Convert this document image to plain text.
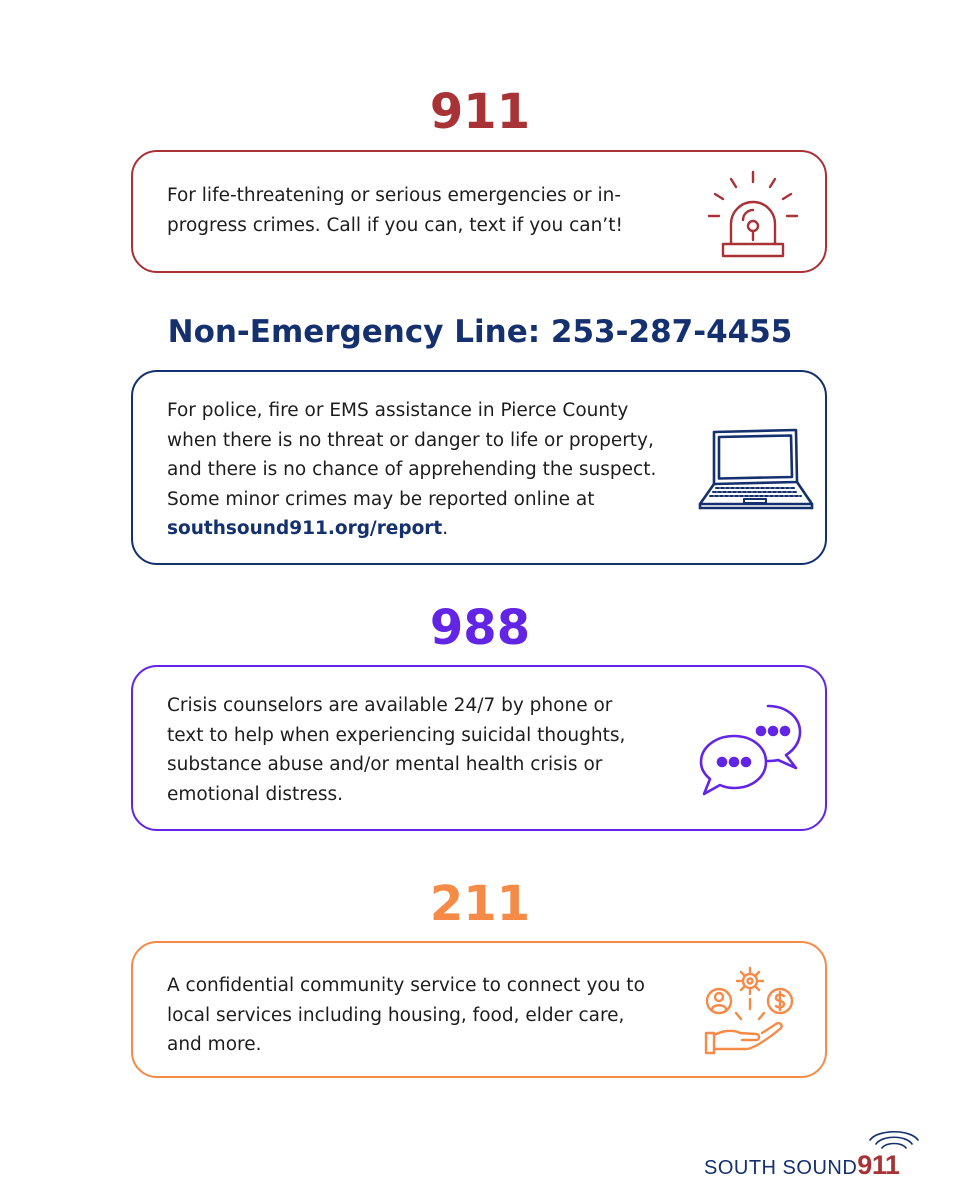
911

For life-threatening or serious emergencies or in-progress crimes. Call if you can, text if you can’t!

Non-Emergency Line: 253-287-4455

For police, fire or EMS assistance in Pierce County when there is no threat or danger to life or property, and there is no chance of apprehending the suspect. Some minor crimes may be reported online at southsound911.org/report.

988

Crisis counselors are available 24/7 by phone or text to help when experiencing suicidal thoughts, substance abuse and/or mental health crisis or emotional distress.

211

A confidential community service to connect you to local services including housing, food, elder care, and more.

SOUTH SOUND911
